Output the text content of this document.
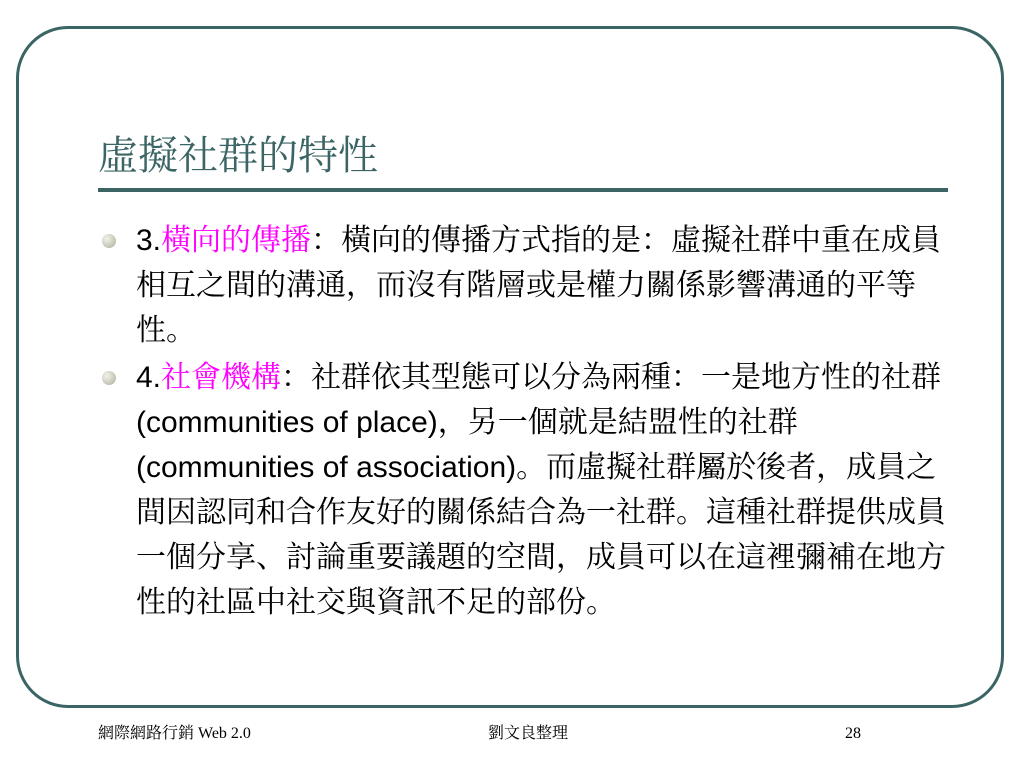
虛擬社群的特性
3.橫向的傳播：橫向的傳播方式指的是：虛擬社群中重在成員相互之間的溝通，而沒有階層或是權力關係影響溝通的平等性。
4.社會機構：社群依其型態可以分為兩種：一是地方性的社群(communities of place)，另一個就是結盟性的社群(communities of association)。而虛擬社群屬於後者，成員之間因認同和合作友好的關係結合為一社群。這種社群提供成員一個分享、討論重要議題的空間，成員可以在這裡彌補在地方性的社區中社交與資訊不足的部份。
網際網路行銷 Web 2.0	劉文良整理	28
